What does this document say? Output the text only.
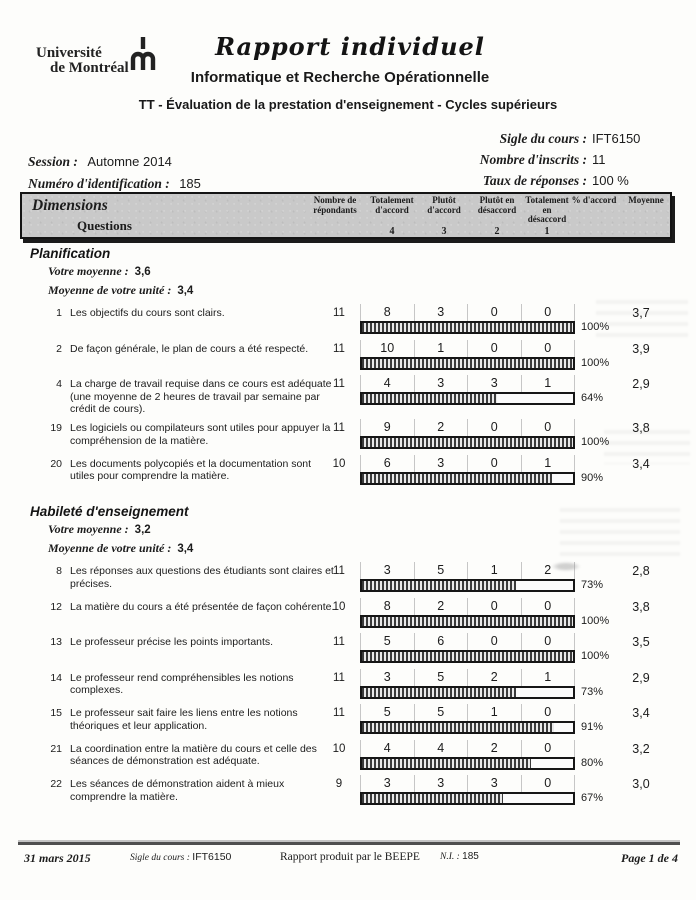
Université
de Montréal
Rapport individuel
Informatique et Recherche Opérationnelle
TT - Évaluation de la prestation d'enseignement - Cycles supérieurs
Sigle du cours : IFT6150
Nombre d'inscrits : 11
Taux de réponses : 100 %
Session : Automne 2014
Numéro d'identification : 185
Dimensions
Questions
Nombre de répondants
Totalement d'accord
4
Plutôt d'accord
3
Plutôt en désaccord
2
Totalement en désaccord
1
% d'accord	Moyenne
Planification
Votre moyenne : 3,6
Moyenne de votre unité : 3,4
1 Les objectifs du cours sont clairs.	11	8	3	0	0
100%
3,7
2 De façon générale, le plan de cours a été respecté.	11	10	1	0	0
100%
3,9
4 La charge de travail requise dans ce cours est adéquate (une moyenne de 2 heures de travail par semaine par crédit de cours).
11	4	3	3	1
64%
2,9
19 Les logiciels ou compilateurs sont utiles pour appuyer la compréhension de la matière.
11	9	2	0	0
100%
3,8
20 Les documents polycopiés et la documentation sont utiles pour comprendre la matière.
10	6	3	0	1
90%
3,4
Habileté d'enseignement
Votre moyenne : 3,2
Moyenne de votre unité : 3,4
8 Les réponses aux questions des étudiants sont claires et précises.
11	3	5	1	2
73%
2,8
12 La matière du cours a été présentée de façon cohérente.
10	8	2	0	0
100%
3,8
13 Le professeur précise les points importants.	11	5	6	0	0
100%
3,5
14 Le professeur rend compréhensibles les notions complexes.
11	3	5	2	1
73%
2,9
15 Le professeur sait faire les liens entre les notions théoriques et leur application.
11	5	5	1	0
91%
3,4
21 La coordination entre la matière du cours et celle des séances de démonstration est adéquate.
10	4	4	2	0
80%
3,2
22 Les séances de démonstration aident à mieux comprendre la matière.
9	3	3	3	0
67%
3,0
31 mars 2015	Sigle du cours : IFT6150	Rapport produit par le BEEPE N.I. : 185	Page 1 de 4
